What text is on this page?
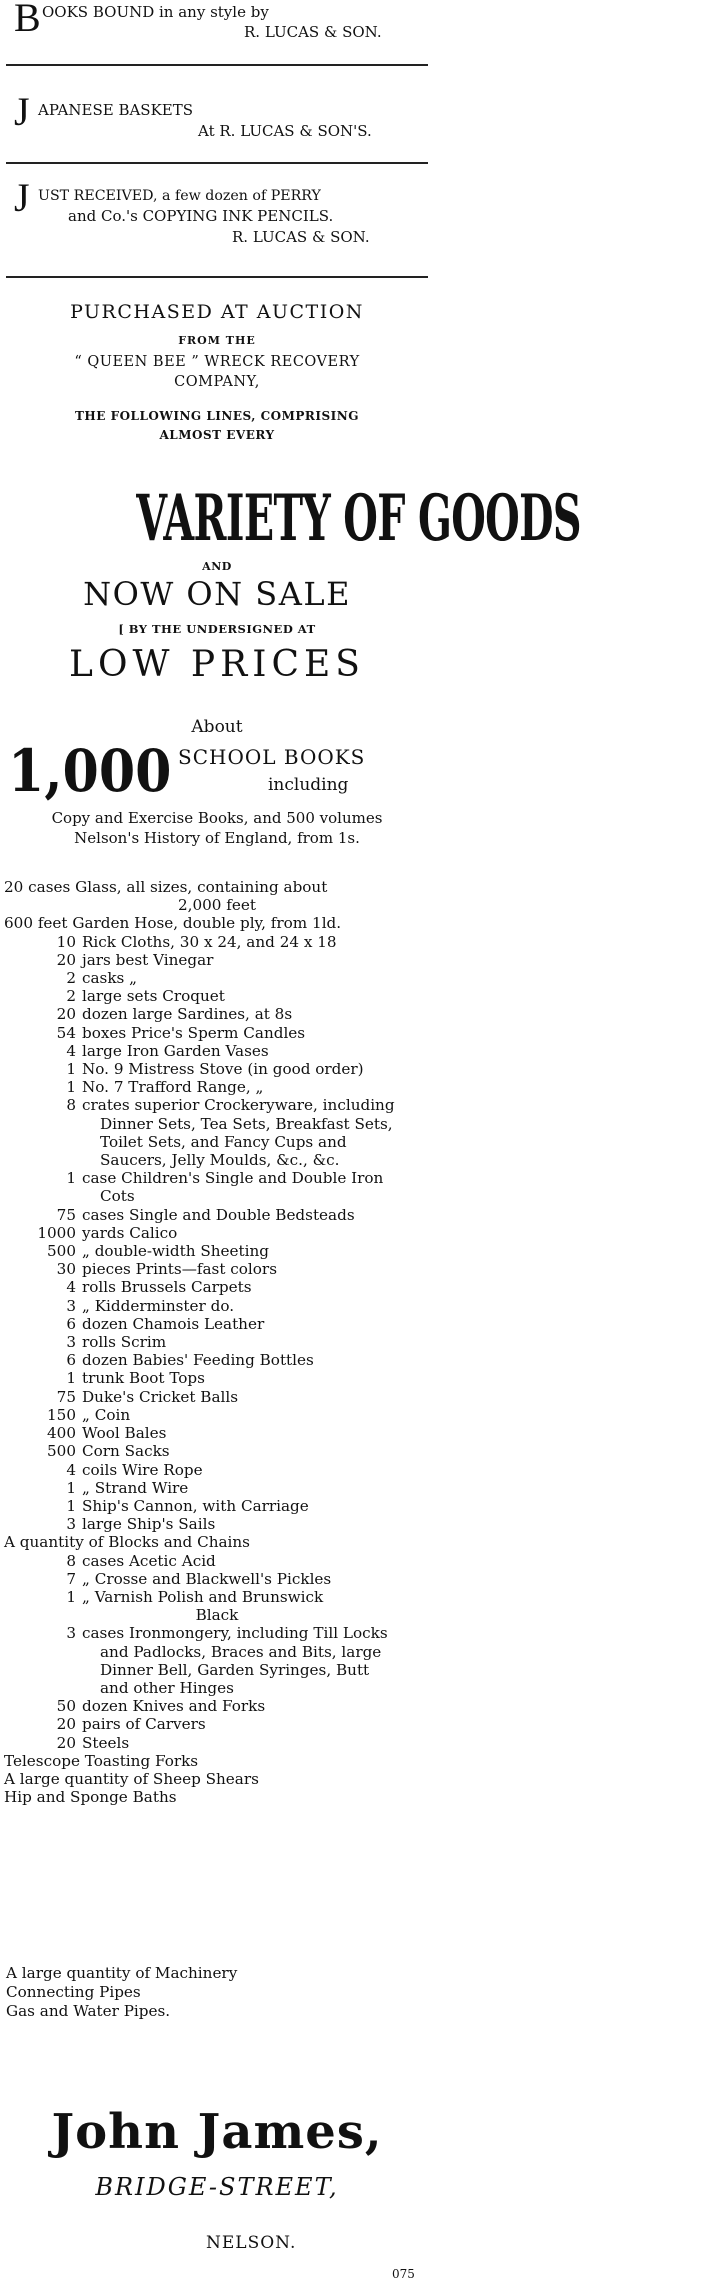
B OOKS BOUND in any style by
R. LUCAS & SON.
J APANESE BASKETS
At R. LUCAS & SON'S.
J UST RECEIVED, a few dozen of PERRY
and Co.'s COPYING INK PENCILS.
R. LUCAS & SON.
PURCHASED AT AUCTION
FROM THE
“ QUEEN BEE ” WRECK RECOVERY
COMPANY,
THE FOLLOWING LINES, COMPRISING
ALMOST EVERY
VARIETY OF GOODS
AND
NOW ON SALE
[ BY THE UNDERSIGNED AT
LOW PRICES
About
1,000 SCHOOL BOOKS
including
Copy and Exercise Books, and 500 volumes
Nelson's History of England, from 1s.
20 cases Glass, all sizes, containing about
2,000 feet
600 feet Garden Hose, double ply, from 1ld.
10 Rick Cloths, 30 x 24, and 24 x 18
20 jars best Vinegar
2 casks „
2 large sets Croquet
20 dozen large Sardines, at 8s
54 boxes Price's Sperm Candles
4 large Iron Garden Vases
1 No. 9 Mistress Stove (in good order)
1 No. 7 Trafford Range, „
8 crates superior Crockeryware, including
Dinner Sets, Tea Sets, Breakfast Sets,
Toilet Sets, and Fancy Cups and
Saucers, Jelly Moulds, &c., &c.
1 case Children's Single and Double Iron
Cots
75 cases Single and Double Bedsteads
1000 yards Calico
500 „ double-width Sheeting
30 pieces Prints—fast colors
4 rolls Brussels Carpets
3 „ Kidderminster do.
6 dozen Chamois Leather
3 rolls Scrim
6 dozen Babies' Feeding Bottles
1 trunk Boot Tops
75 Duke's Cricket Balls
150 „ Coin
400 Wool Bales
500 Corn Sacks
4 coils Wire Rope
1 „ Strand Wire
1 Ship's Cannon, with Carriage
3 large Ship's Sails
A quantity of Blocks and Chains
8 cases Acetic Acid
7 „ Crosse and Blackwell's Pickles
1 „ Varnish Polish and Brunswick
Black
3 cases Ironmongery, including Till Locks
and Padlocks, Braces and Bits, large
Dinner Bell, Garden Syringes, Butt
and other Hinges
50 dozen Knives and Forks
20 pairs of Carvers
20 Steels
Telescope Toasting Forks
A large quantity of Sheep Shears
Hip and Sponge Baths
A large quantity of Machinery
Connecting Pipes
Gas and Water Pipes.
John James,
BRIDGE-STREET,
NELSON.
075
